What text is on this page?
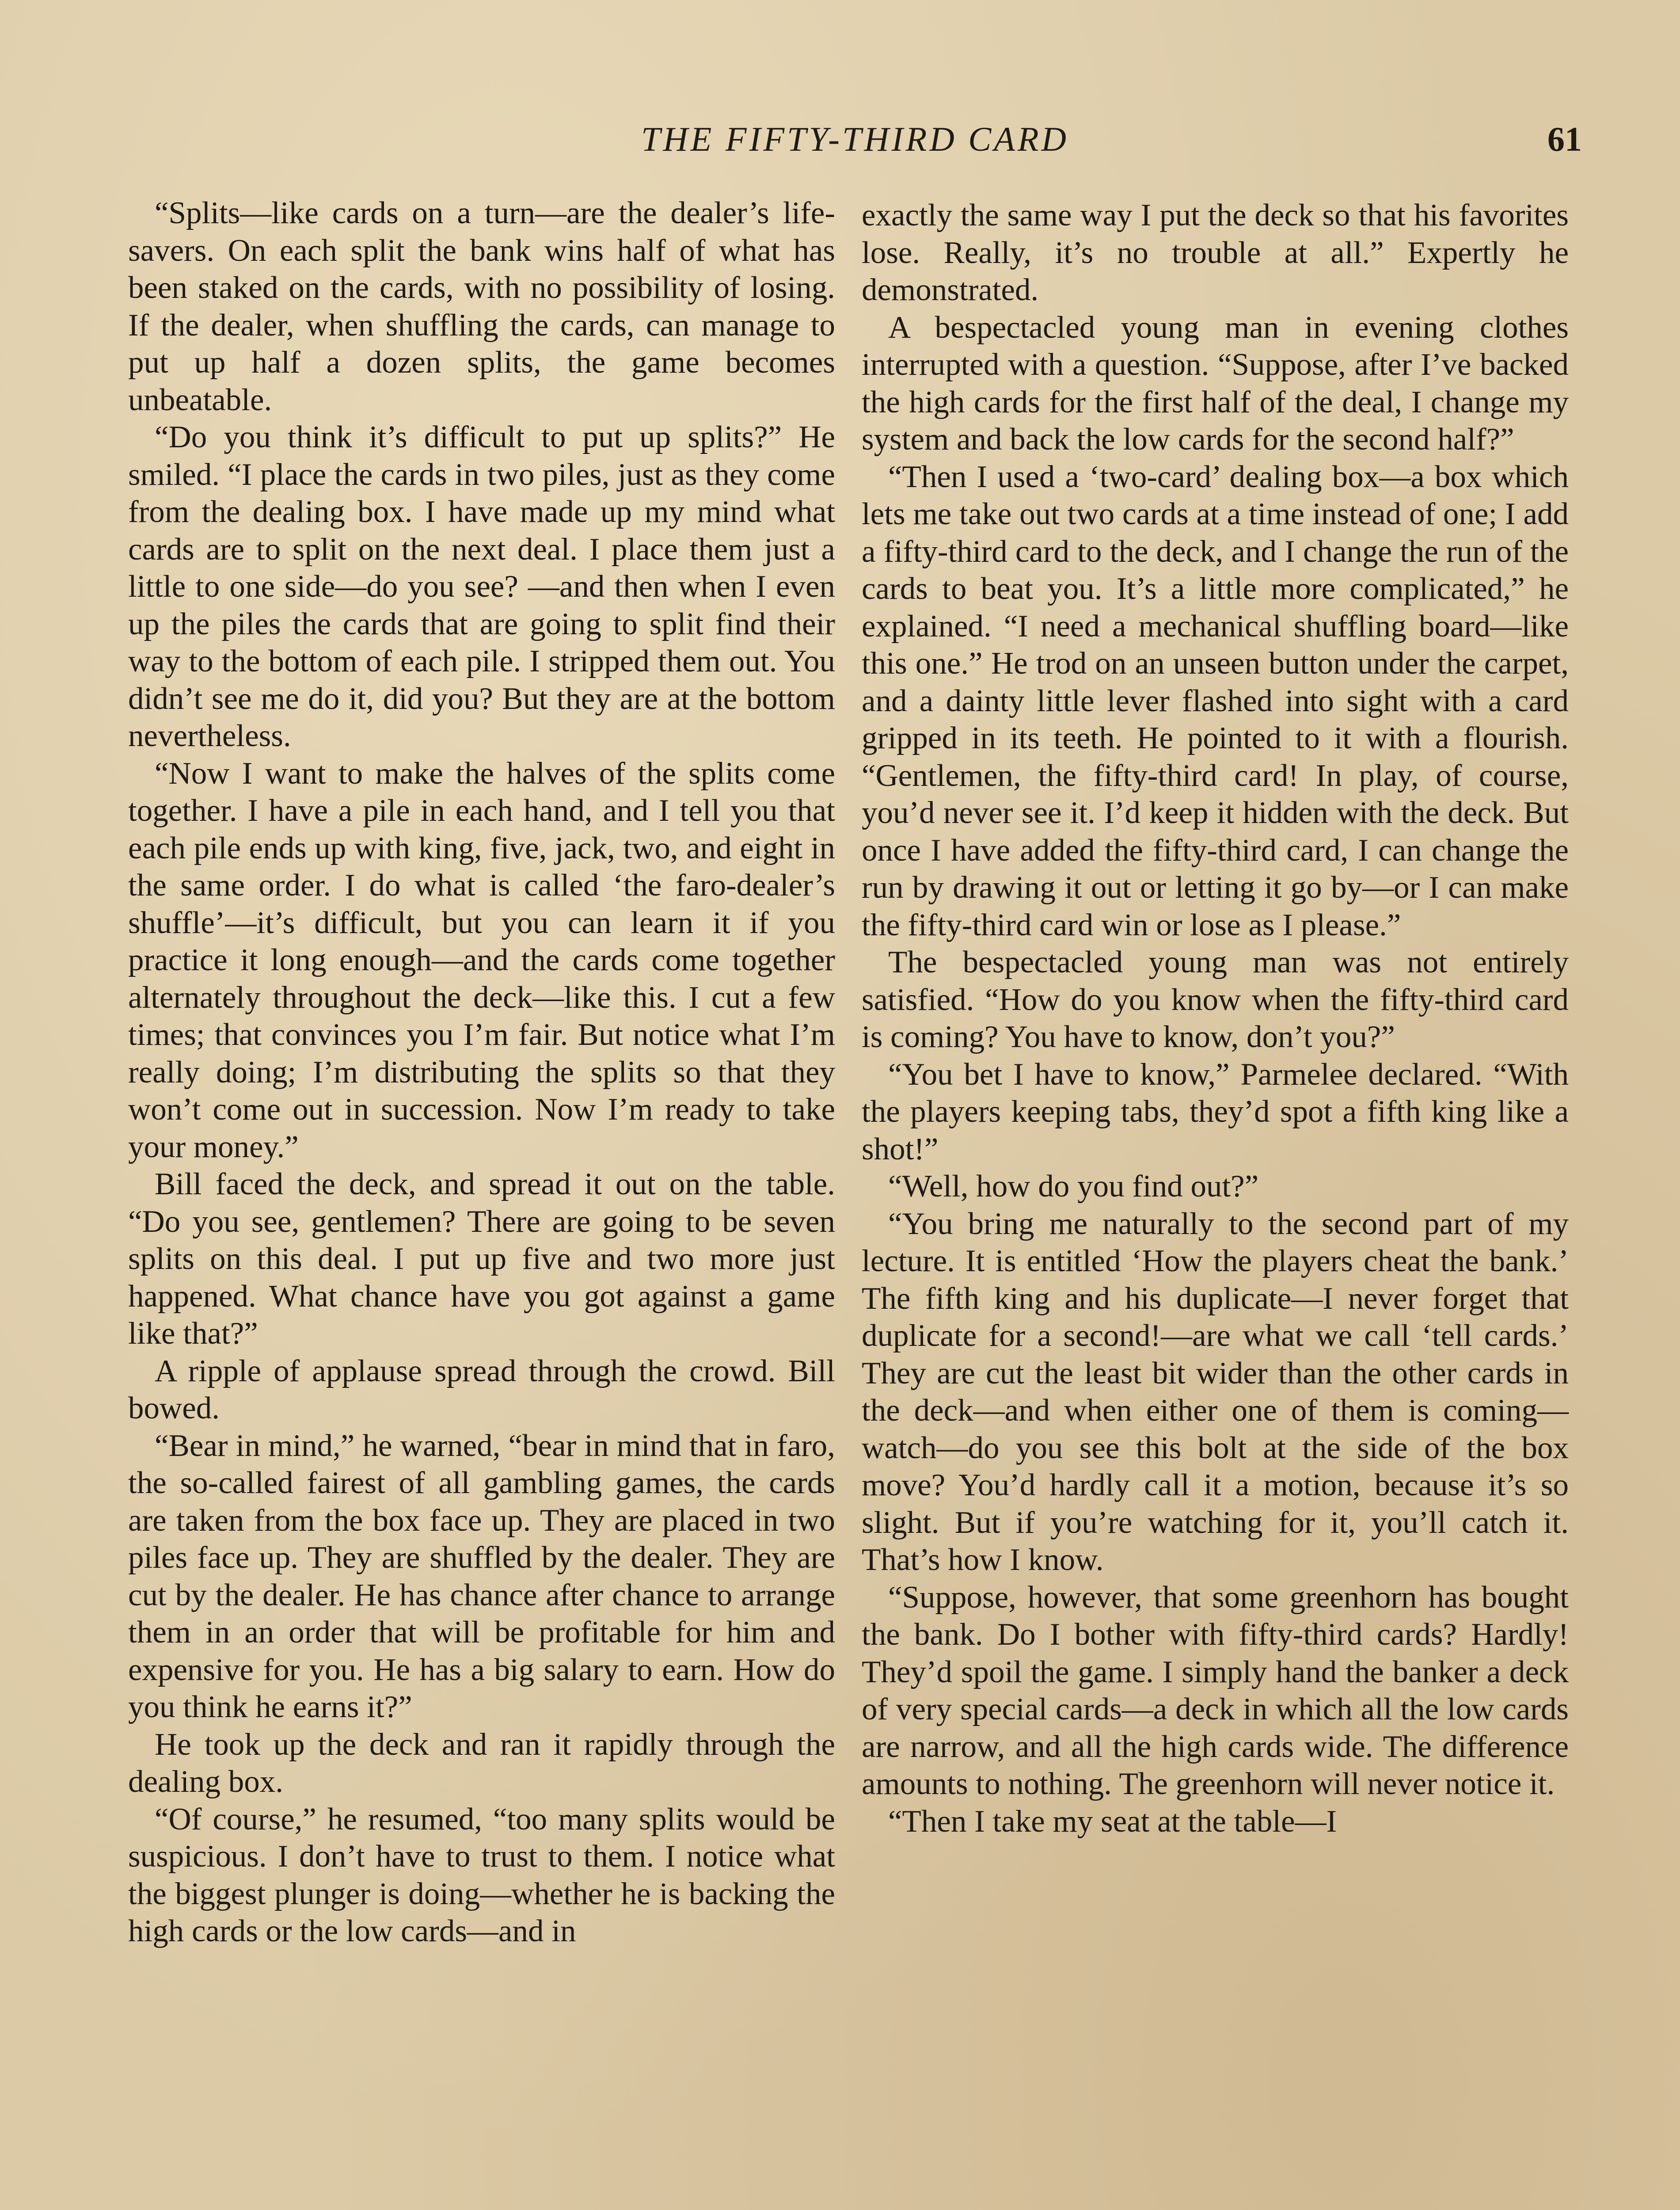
THE FIFTY-THIRD CARD	61

“Splits—like cards on a turn—are the dealer’s life-savers. On each split the bank wins half of what has been staked on the cards, with no possibility of losing. If the dealer, when shuffling the cards, can manage to put up half a dozen splits, the game becomes unbeatable.

“Do you think it’s difficult to put up splits?” He smiled. “I place the cards in two piles, just as they come from the dealing box. I have made up my mind what cards are to split on the next deal. I place them just a little to one side—do you see? —and then when I even up the piles the cards that are going to split find their way to the bottom of each pile. I stripped them out. You didn’t see me do it, did you? But they are at the bottom nevertheless.

“Now I want to make the halves of the splits come together. I have a pile in each hand, and I tell you that each pile ends up with king, five, jack, two, and eight in the same order. I do what is called ‘the faro-dealer’s shuffle’—it’s difficult, but you can learn it if you practice it long enough—and the cards come together alternately throughout the deck—like this. I cut a few times; that convinces you I’m fair. But notice what I’m really doing; I’m distributing the splits so that they won’t come out in succession. Now I’m ready to take your money.”

Bill faced the deck, and spread it out on the table. “Do you see, gentlemen? There are going to be seven splits on this deal. I put up five and two more just happened. What chance have you got against a game like that?”

A ripple of applause spread through the crowd. Bill bowed.

“Bear in mind,” he warned, “bear in mind that in faro, the so-called fairest of all gambling games, the cards are taken from the box face up. They are placed in two piles face up. They are shuffled by the dealer. They are cut by the dealer. He has chance after chance to arrange them in an order that will be profitable for him and expensive for you. He has a big salary to earn. How do you think he earns it?”

He took up the deck and ran it rapidly through the dealing box.

“Of course,” he resumed, “too many splits would be suspicious. I don’t have to trust to them. I notice what the biggest plunger is doing—whether he is backing the high cards or the low cards—and in

exactly the same way I put the deck so that his favorites lose. Really, it’s no trouble at all.” Expertly he demonstrated.

A bespectacled young man in evening clothes interrupted with a question. “Suppose, after I’ve backed the high cards for the first half of the deal, I change my system and back the low cards for the second half?”

“Then I used a ‘two-card’ dealing box—a box which lets me take out two cards at a time instead of one; I add a fifty-third card to the deck, and I change the run of the cards to beat you. It’s a little more complicated,” he explained. “I need a mechanical shuffling board—like this one.” He trod on an unseen button under the carpet, and a dainty little lever flashed into sight with a card gripped in its teeth. He pointed to it with a flourish. “Gentlemen, the fifty-third card! In play, of course, you’d never see it. I’d keep it hidden with the deck. But once I have added the fifty-third card, I can change the run by drawing it out or letting it go by—or I can make the fifty-third card win or lose as I please.”

The bespectacled young man was not entirely satisfied. “How do you know when the fifty-third card is coming? You have to know, don’t you?”

“You bet I have to know,” Parmelee declared. “With the players keeping tabs, they’d spot a fifth king like a shot!”

“Well, how do you find out?”

“You bring me naturally to the second part of my lecture. It is entitled ‘How the players cheat the bank.’ The fifth king and his duplicate—I never forget that duplicate for a second!—are what we call ‘tell cards.’ They are cut the least bit wider than the other cards in the deck—and when either one of them is coming—watch—do you see this bolt at the side of the box move? You’d hardly call it a motion, because it’s so slight. But if you’re watching for it, you’ll catch it. That’s how I know.

“Suppose, however, that some greenhorn has bought the bank. Do I bother with fifty-third cards? Hardly! They’d spoil the game. I simply hand the banker a deck of very special cards—a deck in which all the low cards are narrow, and all the high cards wide. The difference amounts to nothing. The greenhorn will never notice it.

“Then I take my seat at the table—I
